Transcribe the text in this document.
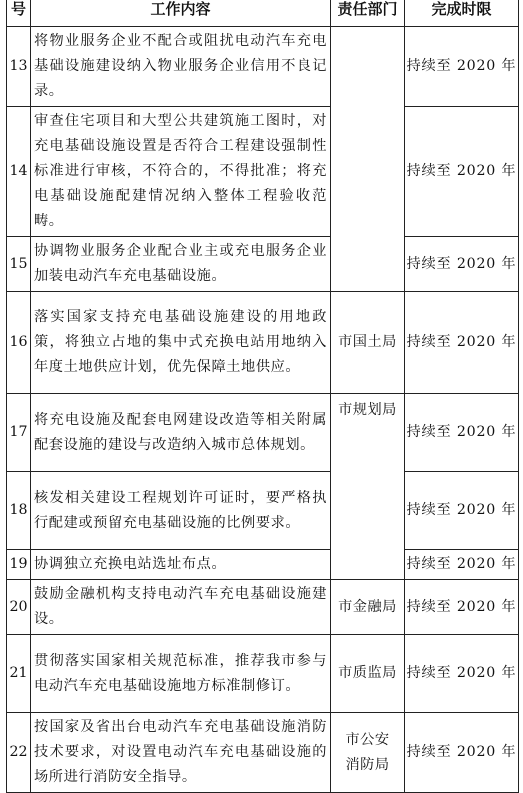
号	工作内容	责任部门	完成时限
13	将物业服务企业不配合或阻扰电动汽车充电基础设施建设纳入物业服务企业信用不良记录。		持续至 2020 年
14	审查住宅项目和大型公共建筑施工图时，对充电基础设施设置是否符合工程建设强制性标准进行审核，不符合的，不得批准；将充电基础设施配建情况纳入整体工程验收范畴。		持续至 2020 年
15	协调物业服务企业配合业主或充电服务企业加装电动汽车充电基础设施。		持续至 2020 年
16	落实国家支持充电基础设施建设的用地政策，将独立占地的集中式充换电站用地纳入年度土地供应计划，优先保障土地供应。	市国土局	持续至 2020 年
17	将充电设施及配套电网建设改造等相关附属配套设施的建设与改造纳入城市总体规划。	市规划局	持续至 2020 年
18	核发相关建设工程规划许可证时，要严格执行配建或预留充电基础设施的比例要求。		持续至 2020 年
19	协调独立充换电站选址布点。		持续至 2020 年
20	鼓励金融机构支持电动汽车充电基础设施建设。	市金融局	持续至 2020 年
21	贯彻落实国家相关规范标准，推荐我市参与电动汽车充电基础设施地方标准制修订。	市质监局	持续至 2020 年
22	按国家及省出台电动汽车充电基础设施消防技术要求，对设置电动汽车充电基础设施的场所进行消防安全指导。	市公安消防局	持续至 2020 年
